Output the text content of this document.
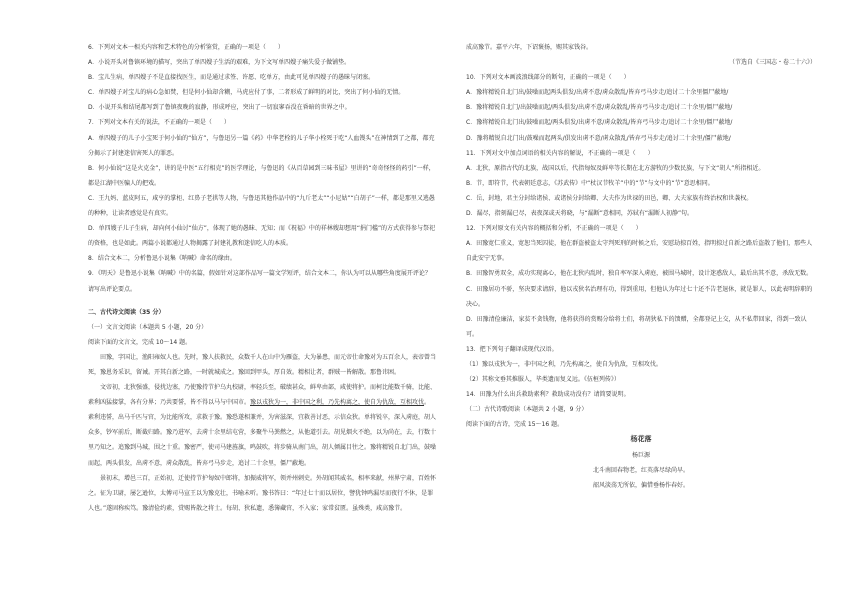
6．下列对文本一相关内容和艺术特色的分析鉴赏，正确的一项是（　　）

A．小说开头对鲁镇环境的描写，突出了单四嫂子生活的艰难，为下文写单四嫂子痛失爱子做铺垫。

B．宝儿生病，单四嫂子不是直接找医生，而是通过求签、许愿、吃单方，由此可见单四嫂子的愚昧与闭塞。

C．单四嫂子对宝儿的病心急如焚，但是何小仙却含糊，马虎应付了事，二者形成了鲜明的对比，突出了何小仙的无情。

D．小说开头和结尾都写到了鲁镇夜晚的寂静，形成呼应，突出了一切寂寥吞没在昏暗的世界之中。

7．下列对文本有关的说法，不正确的一项是（　　）

A．单四嫂子的儿子小宝死于何小仙的“仙方”，与鲁迅另一篇《药》中华老栓的儿子华小栓死于吃“人血馒头”在神情到了之都，都充分揭示了封建迷信害死人的罪恶。

B．何小仙说“这是火克金”，讲的是中医“五行相克”的医学理论，与鲁迅的《从百草园到三味书屋》里讲的“奇奇怪怪的药引”一样，都是江湖中医骗人的把戏。

C．王九妈、蓝皮阿五，咸亨的掌柜、红鼻子老拱等人物，与鲁迅其他作品中的“九斤老太”“小尼姑”“白胡子”一样，都是那里又逃愚的种种，让读者感觉是有真实。

D．单四嫂子儿子生病，却向何小仙讨“仙方”，体现了她的愚昧、无知；而《祝福》中的祥林嫂却想用“捐门槛”的方式获得参与祭祀的资格，也是如此。两篇小说都通过人物揭露了封建礼教和迷信吃人的本质。

8．结合文本二，分析鲁迅小说集《呐喊》命名的缘由。

9．《明天》是鲁迅小说集《呐喊》中的名篇，假如针对这部作品写一篇文学短评，结合文本二，你认为可以从哪些角度展开评论？请写出评论要点。

二、古代诗文阅读（35 分）

（一）文言文阅读（本题共 5 小题，20 分）

阅读下面的文言文，完成 10～14 题。

田豫，字国让，渔阳雍奴人也。先时，豫人扶救民，众数千人在山中为雁盗，大为暴患，而元帝仕命豫对为五百余人，表帝曾当死，豫恩务采识，留诫。开其白新之路，一时就城成之。豫回到甲头，厚自效。精相让者，群贼一皆解散。那鲁讳困。

文帝初，北狄强盛，侵扰边塞，乃使豫持节护乌丸校尉，率轻兵至，破绩甚众，鲜卑由部，咸使将护。而柯比能数千骑，比能、素利凶猛接掌，各有分界；乃共要誓，皆不得以马与中国市。豫以戎狄为一，非中国之利，乃先构离之，使自为仇敌，互相攻伐。素利违誓，出马千匹与官，为比能所攻，求救于豫。豫恐遂相兼并，为害滋深，宜救善讨恶，示信众狄。单将锐卒，深入虏庭，胡人众多，钞军前后，断截归路。豫乃进军，去虏十余里结屯营，多聚牛马粪燃之，从他道引去。胡见烟火不绝，以为尚在，去，行数十里乃知之。追豫到马城，围之十重。豫密严，使司马建旌旗，鸣鼓吹，将步骑从南门出，胡人倾属目往之。豫将精锐自北门出，鼓噪而起，两头俱发，出虏不意，虏众散乱，皆弃弓马步走，追讨二十余里，僵尸蔽地。

景初末，增邑三百，正始初，迁使持节护匈奴中郎将，加振威将军，领并州刺史。外胡闻其威名，相率来献，州界宁肃，百姓怀之。征为卫尉，屡乞逊位，太傅司马宣王以为豫克壮，书喻未听。豫书答曰：“年过七十而以居位，譬犹钟鸣漏尽而夜行不休，是罪人也。”遂固称疾笃。豫清俭约素，赏赐皆散之将士。每胡、狄私遗，悉簿藏官，不入家；家常贫匮。虽殊类，咸高豫节。

成高豫节。嘉平六年，下诏褒扬，赐其家钱谷。

（节选自《三国志・卷二十六》）

10．下列对文本画波浪线部分的断句，正确的一项是（　　）

A．豫将精锐自北门出/鼓噪而起两头俱发/出虏不意/虏众散乱/皆弃弓马步走/追讨二十余里僵尸蔽地/

B．豫将精锐自北门/出鼓噪而起/两头俱发/出虏不意/虏众散乱/皆弃弓马步走/追讨二十余里/僵尸蔽地/

C．豫将精锐自北门出/鼓噪而起/两头俱发/出虏不意/虏众散乱/皆弃弓马步走/追讨二十余里/僵尸蔽地/

D．豫将精锐自北门出/鼓噪而起两头/俱发出虏不意/虏众散乱/皆弃弓马步走/追讨二十余里/僵尸蔽地/

11．下列对文中加点词语的相关内容的解说，不正确的一项是（　　）

A．北狄，原指古代的北族，战国以后，代指匈奴及鲜卑等长期在北方游牧的少数民族，与下文“胡人”所指相近。

B．节，即符节，代表朝廷意志，《苏武传》中“杖汉节牧羊”中的“节”与文中的“节”意思相同。

C．岳，封地，君主分封给诸侯、或诸侯分封给卿、大夫作为世禄的田邑，卿、大夫家族有终治权和世袭权。

D．漏尽，指刻漏已尽，表夜深或天将晓，与“漏断”意相同，苏轼有“漏断人初静”句。

12．下列对原文有关内容的概括和分析，不正确的一项是（　　）

A．田豫宽仁重义，宽恕当死囚徒，他在群盗被盗太守判死刑的时候之后，安慰劫掠百姓，指明掠过自新之路后盗散了他们，那些人自此安宁无事。

B．田豫智勇双全，成功实现离心，他在北狄内乱时，独自率军深入虏庭，被围马城时，设计迷惑敌人，最后出其不意，杀敌无数。

C．田豫居功不骄，坚决要求请辞，他以戎狄名治理有功，得到重用，但他认为年过七十还不告老退休，就是罪人，以此表明辞职的决心。

D．田豫清俭廉洁，家贫不贪钱物，他将获得的赏赐分给将士们，将胡狄私下的馈赠，全都登记上交，从不私带回家，得到一致认可。

13．把下列句子翻译成现代汉语。

（1）豫以戎狄为一，非中国之利，乃先构离之，使自为仇敌，互相攻伐。

（2）其称文垂其推服人，毕类遗而复义远。《伍桓列传》）

14．田豫为什么出兵救助素利？救助成功没有？请简要说明。

（二）古代诗歌阅读（本题共 2 小题，9 分）

阅读下面的古诗，完成 15～16 题。

杨花落

杨巨源

北斗南回春物老，红英落尽绿尚早。

韶风淡荡无所依，偏惜垂杨作春好。
